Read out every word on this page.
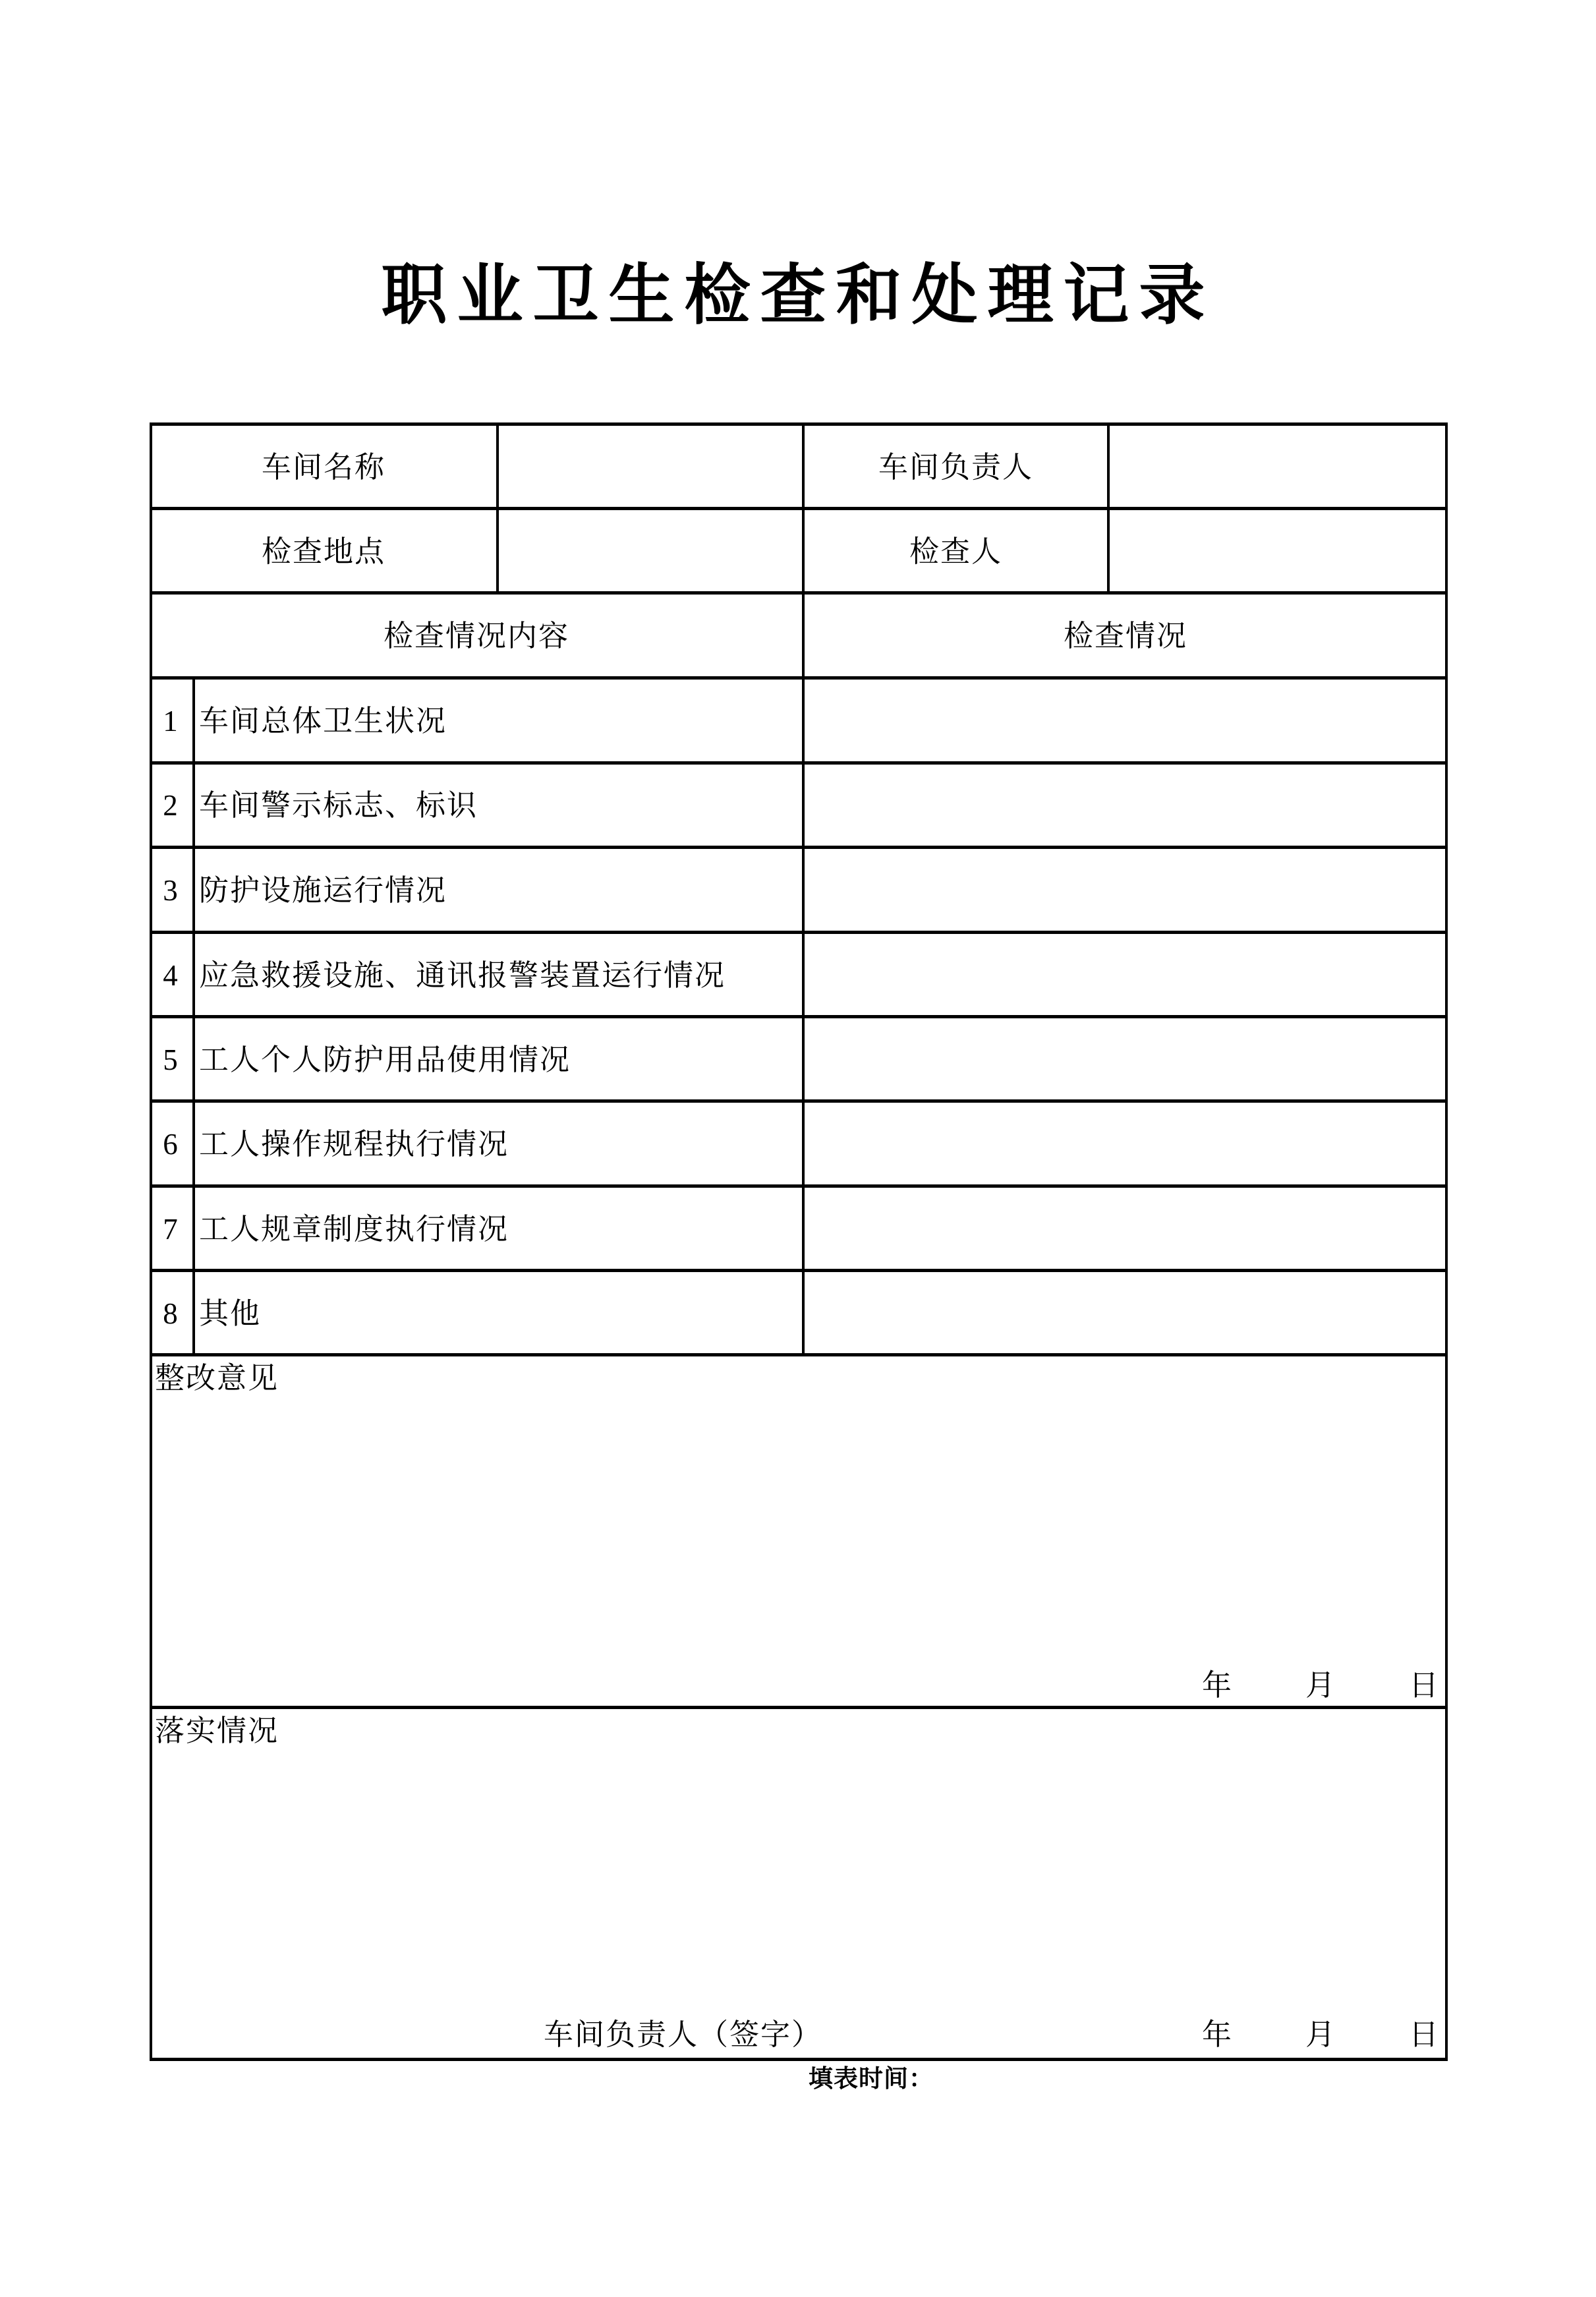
职业卫生检查和处理记录
车间名称	车间负责人
检查地点	检查人
检查情况内容	检查情况
1 车间总体卫生状况
2 车间警示标志、标识
3 防护设施运行情况
4 应急救援设施、通讯报警装置运行情况
5 工人个人防护用品使用情况
6 工人操作规程执行情况
7 工人规章制度执行情况
8 其他
整改意见
年 月 日
落实情况
车间负责人（签字）	年 月 日
填表时间：
